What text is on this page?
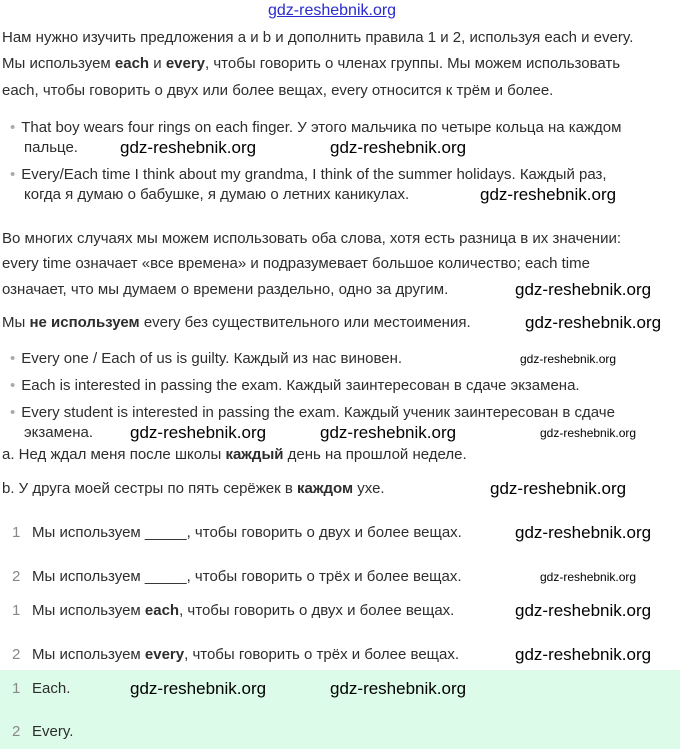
gdz-reshebnik.org
Нам нужно изучить предложения a и b и дополнить правила 1 и 2, используя each и every.
Мы используем each и every, чтобы говорить о членах группы. Мы можем использовать
each, чтобы говорить о двух или более вещах, every относится к трём и более.
• That boy wears four rings on each finger. У этого мальчика по четыре кольца на каждом
пальце.
• Every/Each time I think about my grandma, I think of the summer holidays. Каждый раз,
когда я думаю о бабушке, я думаю о летних каникулах.
Во многих случаях мы можем использовать оба слова, хотя есть разница в их значении:
every time означает «все времена» и подразумевает большое количество; each time
означает, что мы думаем о времени раздельно, одно за другим.
Мы не используем every без существительного или местоимения.
• Every one / Each of us is guilty. Каждый из нас виновен.
• Each is interested in passing the exam. Каждый заинтересован в сдаче экзамена.
• Every student is interested in passing the exam. Каждый ученик заинтересован в сдаче
экзамена.
a. Нед ждал меня после школы каждый день на прошлой неделе.
b. У друга моей сестры по пять серёжек в каждом ухе.
1 Мы используем _____, чтобы говорить о двух и более вещах.
2 Мы используем _____, чтобы говорить о трёх и более вещах.
1 Мы используем each, чтобы говорить о двух и более вещах.
2 Мы используем every, чтобы говорить о трёх и более вещах.
1 Each.
2 Every.
gdz-reshebnik.org	gdz-reshebnik.org
gdz-reshebnik.org
gdz-reshebnik.org
gdz-reshebnik.org
gdz-reshebnik.org
gdz-reshebnik.org	gdz-reshebnik.org	gdz-reshebnik.org
gdz-reshebnik.org
gdz-reshebnik.org
gdz-reshebnik.org
gdz-reshebnik.org
gdz-reshebnik.org
gdz-reshebnik.org	gdz-reshebnik.org
